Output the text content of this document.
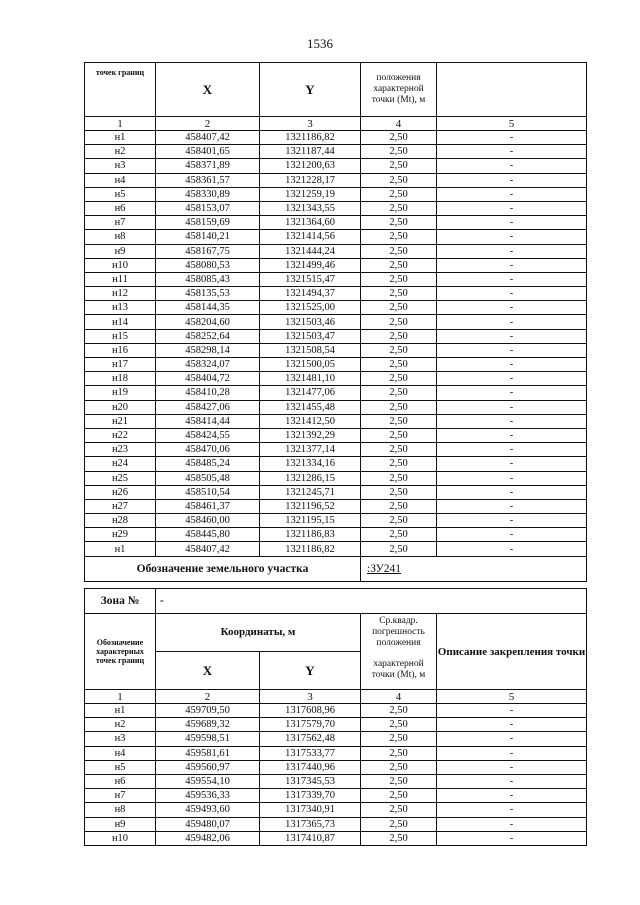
1536
точек границ	X	Y	положения характерной точки (Mt), м	
1	2	3	4	5
н1	458407,42	1321186,82	2,50	-
н2	458401,65	1321187,44	2,50	-
н3	458371,89	1321200,63	2,50	-
н4	458361,57	1321228,17	2,50	-
н5	458330,89	1321259,19	2,50	-
н6	458153,07	1321343,55	2,50	-
н7	458159,69	1321364,60	2,50	-
н8	458140,21	1321414,56	2,50	-
н9	458167,75	1321444,24	2,50	-
н10	458080,53	1321499,46	2,50	-
н11	458085,43	1321515,47	2,50	-
н12	458135,53	1321494,37	2,50	-
н13	458144,35	1321525,00	2,50	-
н14	458204,60	1321503,46	2,50	-
н15	458252,64	1321503,47	2,50	-
н16	458298,14	1321508,54	2,50	-
н17	458324,07	1321500,05	2,50	-
н18	458404,72	1321481,10	2,50	-
н19	458410,28	1321477,06	2,50	-
н20	458427,06	1321455,48	2,50	-
н21	458414,44	1321412,50	2,50	-
н22	458424,55	1321392,29	2,50	-
н23	458470,06	1321377,14	2,50	-
н24	458485,24	1321334,16	2,50	-
н25	458505,48	1321286,15	2,50	-
н26	458510,54	1321245,71	2,50	-
н27	458461,37	1321196,52	2,50	-
н28	458460,00	1321195,15	2,50	-
н29	458445,80	1321186,83	2,50	-
н1	458407,42	1321186,82	2,50	-
Обозначение земельного участка			:ЗУ241	
Зона №	-			
Обозначение характерных точек границ	Координаты, м		Ср.квадр. погрешность положения	Описание закрепления точки
	X	Y	характерной точки (Mt), м	
1	2	3	4	5
н1	459709,50	1317608,96	2,50	-
н2	459689,32	1317579,70	2,50	-
н3	459598,51	1317562,48	2,50	-
н4	459581,61	1317533,77	2,50	-
н5	459560,97	1317440,96	2,50	-
н6	459554,10	1317345,53	2,50	-
н7	459536,33	1317339,70	2,50	-
н8	459493,60	1317340,91	2,50	-
н9	459480,07	1317365,73	2,50	-
н10	459482,06	1317410,87	2,50	-
